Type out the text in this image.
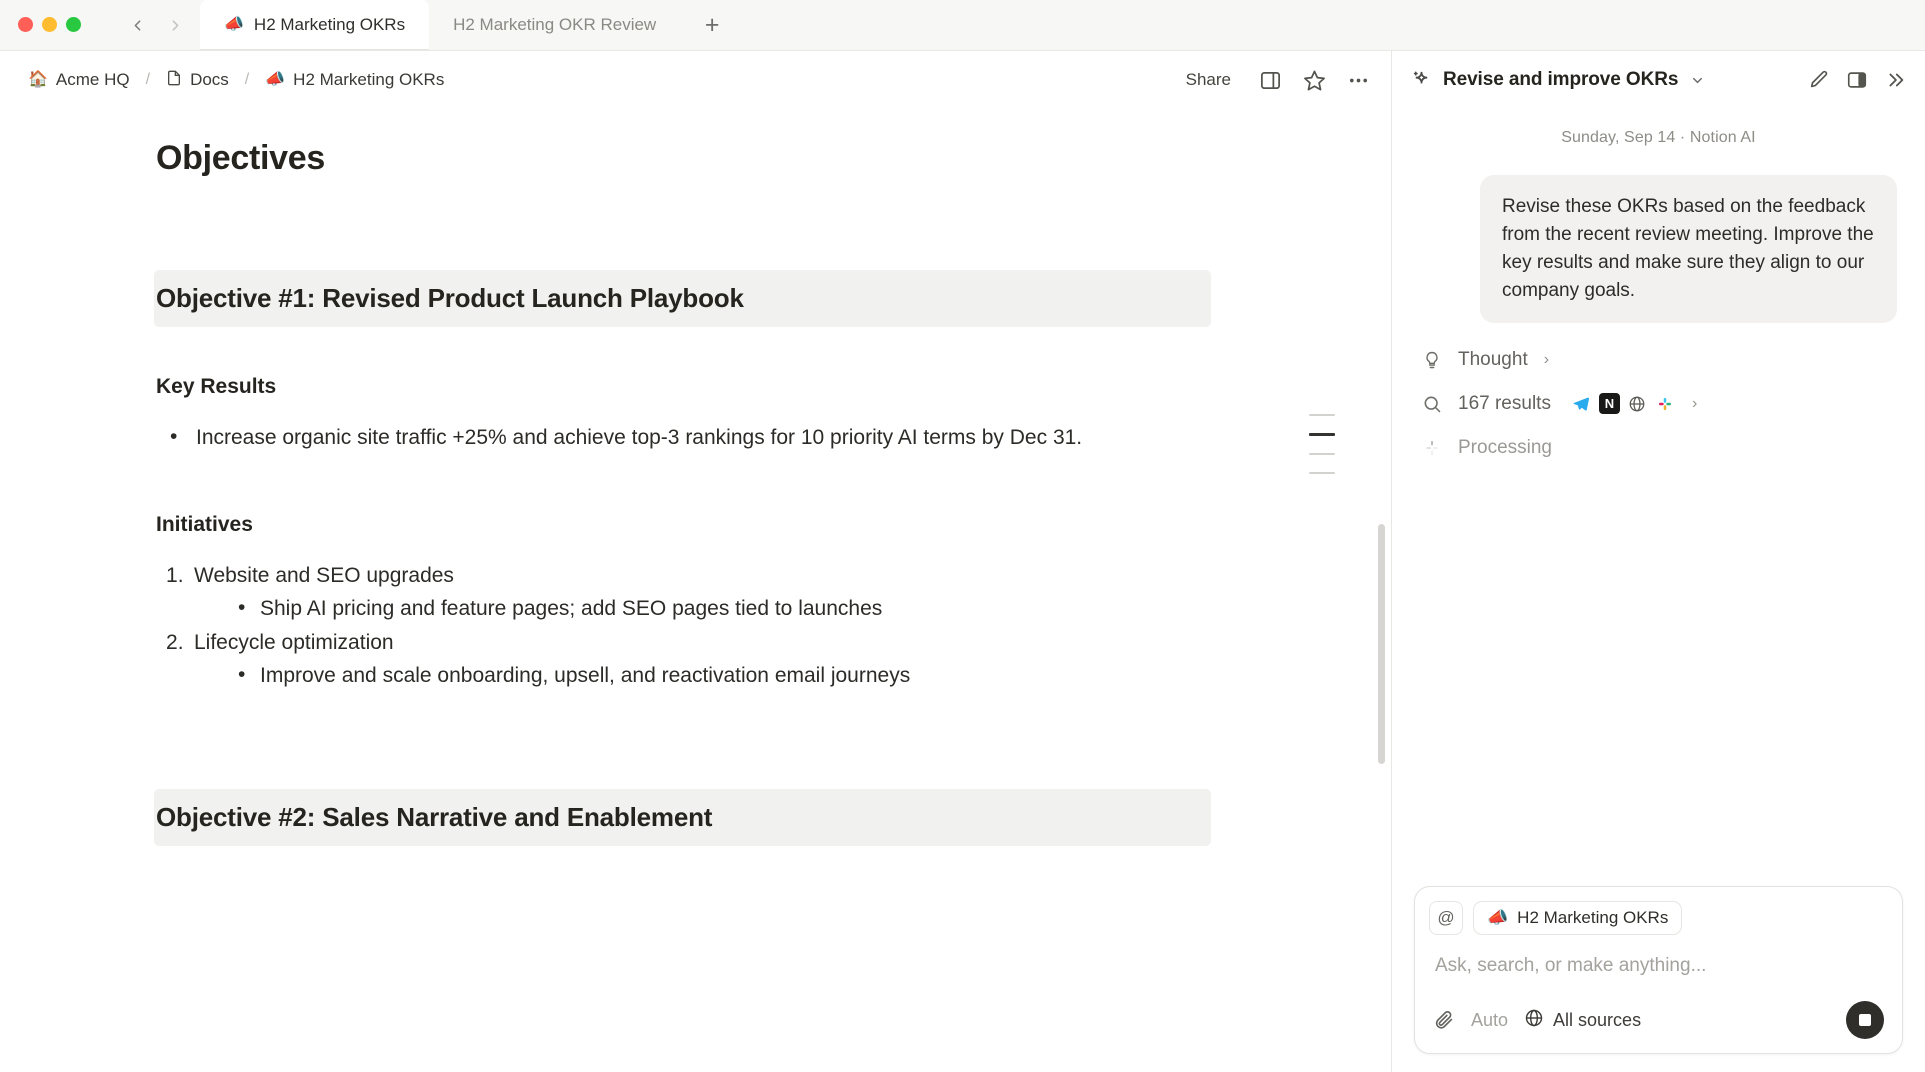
📣 H2 Marketing OKRs	H2 Marketing OKR Review	+
🏠 Acme HQ / Docs / 📣 H2 Marketing OKRs	Share
Objectives
Objective #1: Revised Product Launch Playbook
Key Results
• Increase organic site traffic +25% and achieve top-3 rankings for 10 priority AI terms by Dec 31.
Initiatives
Website and SEO upgrades
• Ship AI pricing and feature pages; add SEO pages tied to launches
Lifecycle optimization
• Improve and scale onboarding, upsell, and reactivation email journeys
Objective #2: Sales Narrative and Enablement
Revise and improve OKRs
Sunday, Sep 14 · Notion AI
Revise these OKRs based on the feedback from the recent review meeting. Improve the key results and make sure they align to our company goals.
Thought ›
167 results	N	›
Processing
@	📣 H2 Marketing OKRs
Ask, search, or make anything...
Auto	All sources
